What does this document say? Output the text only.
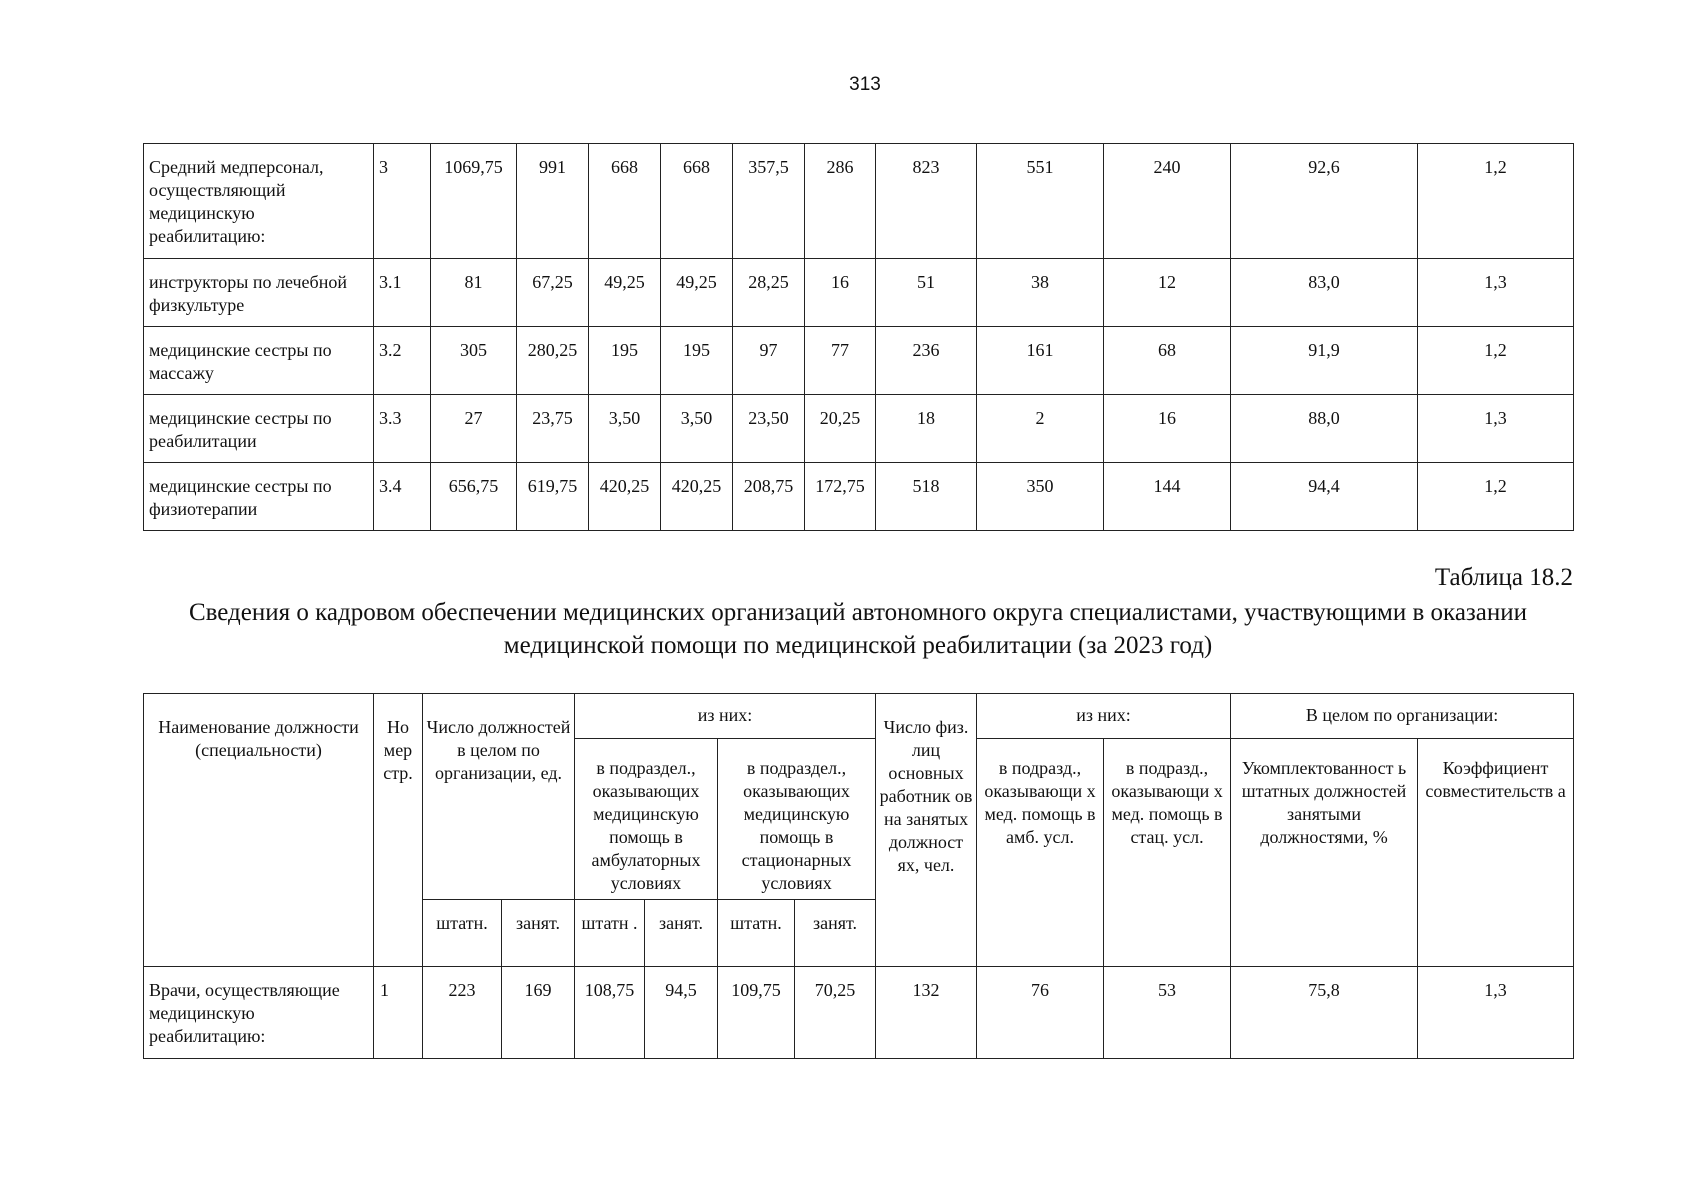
313
Средний медперсонал, осуществляющий медицинскую реабилитацию:	3	1069,75	991	668	668	357,5	286	823	551	240	92,6	1,2
инструкторы по лечебной физкультуре	3.1	81	67,25	49,25	49,25	28,25	16	51	38	12	83,0	1,3
медицинские сестры по массажу	3.2	305	280,25	195	195	97	77	236	161	68	91,9	1,2
медицинские сестры по реабилитации	3.3	27	23,75	3,50	3,50	23,50	20,25	18	2	16	88,0	1,3
медицинские сестры по физиотерапии	3.4	656,75	619,75	420,25	420,25	208,75	172,75	518	350	144	94,4	1,2
Таблица 18.2
Сведения о кадровом обеспечении медицинских организаций автономного округа специалистами, участвующими в оказании медицинской помощи по медицинской реабилитации (за 2023 год)
Наименование должности (специальности)	Но мер стр.	Число должностей в целом по организации, ед.		из них:				Число физ. лиц основных работник ов на занятых должност ях, чел.	из них:		В целом по организации:	
				в подраздел., оказывающих медицинскую помощь в амбулаторных условиях		в подраздел., оказывающих медицинскую помощь в стационарных условиях			в подразд., оказывающи х мед. помощь в амб. усл.	в подразд., оказывающи х мед. помощь в стац. усл.	Укомплектованност ь штатных должностей занятыми должностями, %	Коэффициент совместительств а
		штатн.	занят.	штатн .	занят.	штатн.	занят.					
Врачи, осуществляющие медицинскую реабилитацию:	1	223	169	108,75	94,5	109,75	70,25	132	76	53	75,8	1,3
